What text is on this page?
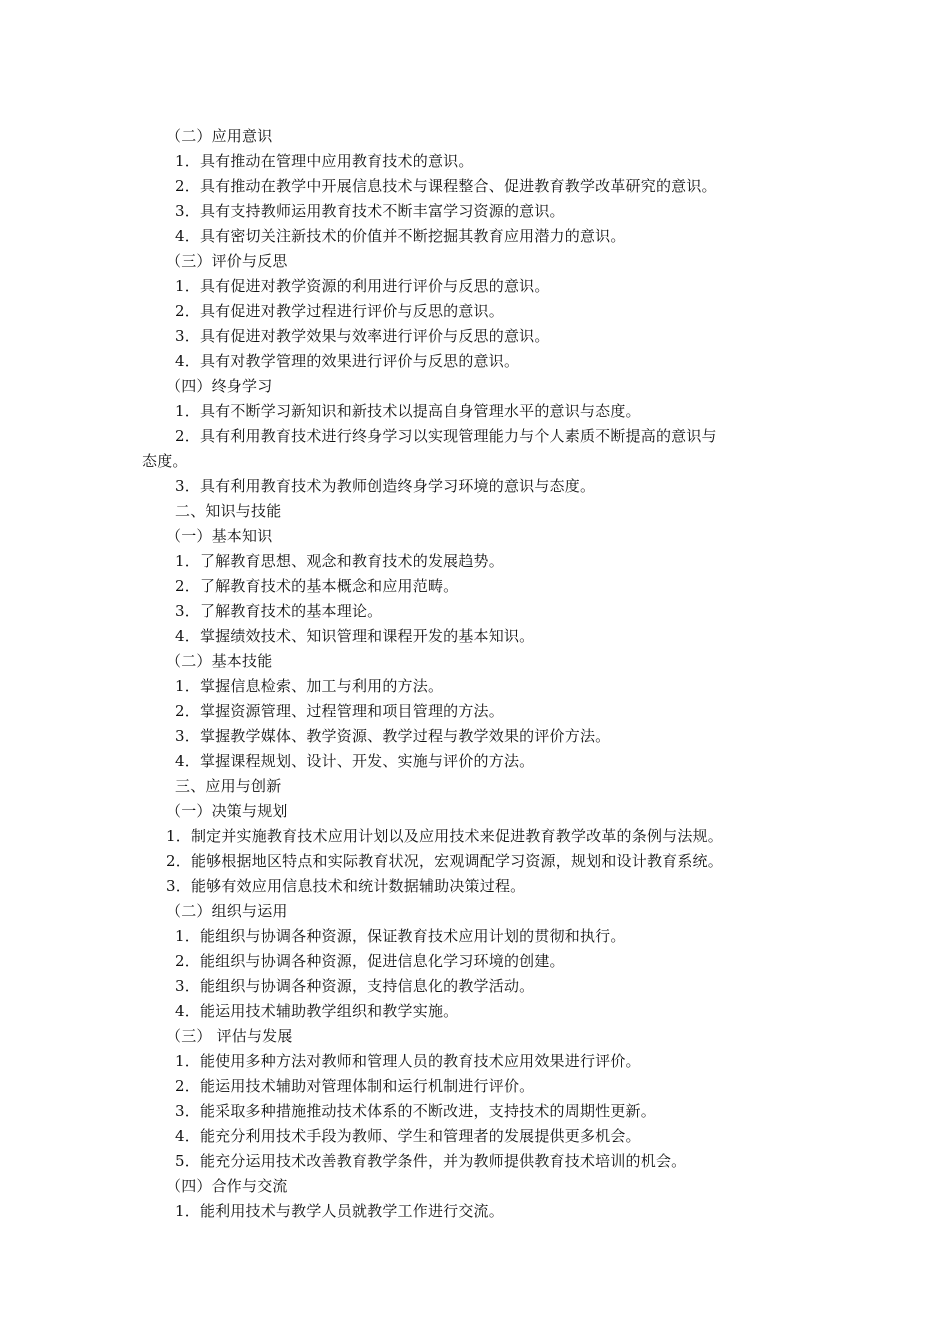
（二）应用意识
1．具有推动在管理中应用教育技术的意识。
2．具有推动在教学中开展信息技术与课程整合、促进教育教学改革研究的意识。
3．具有支持教师运用教育技术不断丰富学习资源的意识。
4．具有密切关注新技术的价值并不断挖掘其教育应用潜力的意识。
（三）评价与反思
1．具有促进对教学资源的利用进行评价与反思的意识。
2．具有促进对教学过程进行评价与反思的意识。
3．具有促进对教学效果与效率进行评价与反思的意识。
4．具有对教学管理的效果进行评价与反思的意识。
（四）终身学习
1．具有不断学习新知识和新技术以提高自身管理水平的意识与态度。
2．具有利用教育技术进行终身学习以实现管理能力与个人素质不断提高的意识与
态度。
3．具有利用教育技术为教师创造终身学习环境的意识与态度。
二、知识与技能
（一）基本知识
1．了解教育思想、观念和教育技术的发展趋势。
2．了解教育技术的基本概念和应用范畴。
3．了解教育技术的基本理论。
4．掌握绩效技术、知识管理和课程开发的基本知识。
（二）基本技能
1．掌握信息检索、加工与利用的方法。
2．掌握资源管理、过程管理和项目管理的方法。
3．掌握教学媒体、教学资源、教学过程与教学效果的评价方法。
4．掌握课程规划、设计、开发、实施与评价的方法。
三、应用与创新
（一）决策与规划
1．制定并实施教育技术应用计划以及应用技术来促进教育教学改革的条例与法规。
2．能够根据地区特点和实际教育状况，宏观调配学习资源，规划和设计教育系统。
3．能够有效应用信息技术和统计数据辅助决策过程。
（二）组织与运用
1．能组织与协调各种资源，保证教育技术应用计划的贯彻和执行。
2．能组织与协调各种资源，促进信息化学习环境的创建。
3．能组织与协调各种资源，支持信息化的教学活动。
4．能运用技术辅助教学组织和教学实施。
（三） 评估与发展
1．能使用多种方法对教师和管理人员的教育技术应用效果进行评价。
2．能运用技术辅助对管理体制和运行机制进行评价。
3．能采取多种措施推动技术体系的不断改进，支持技术的周期性更新。
4．能充分利用技术手段为教师、学生和管理者的发展提供更多机会。
5．能充分运用技术改善教育教学条件，并为教师提供教育技术培训的机会。
（四）合作与交流
1．能利用技术与教学人员就教学工作进行交流。
